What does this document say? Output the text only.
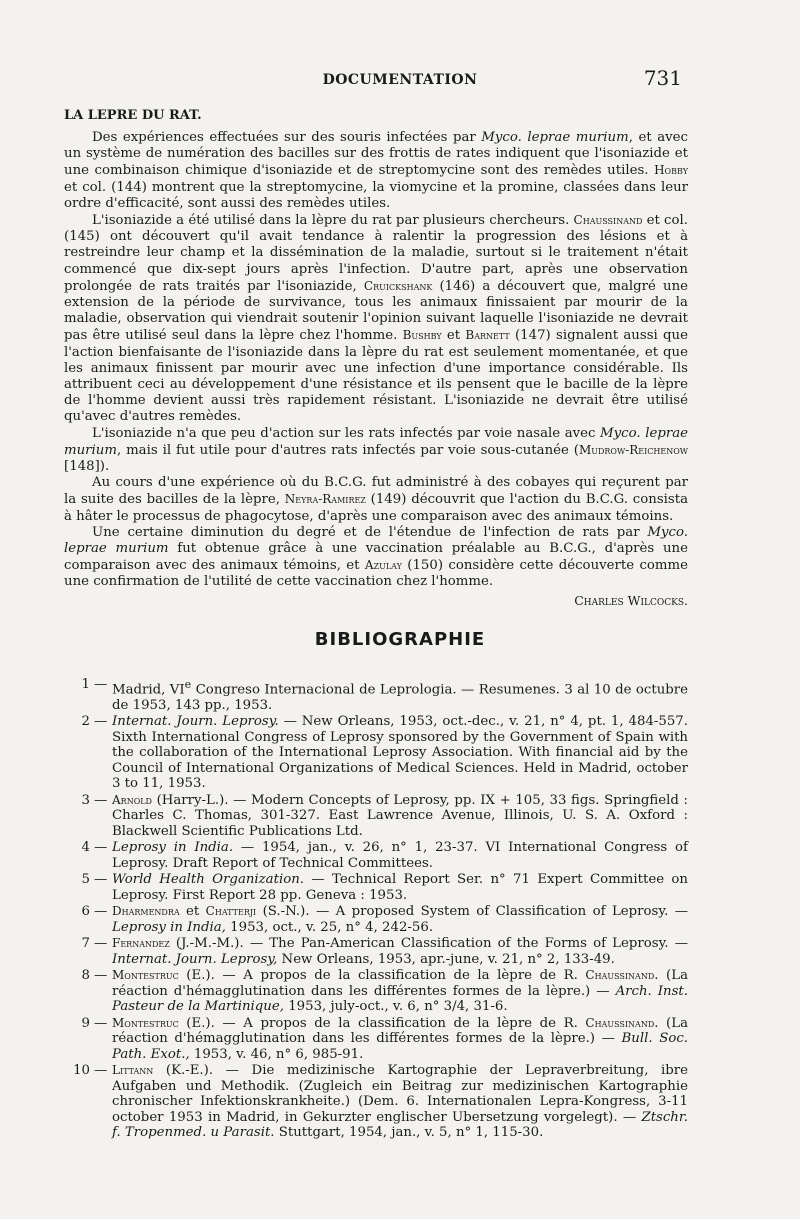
DOCUMENTATION	731
LA LEPRE DU RAT.

Des expériences effectuées sur des souris infectées par Myco. leprae murium, et avec un système de numération des bacilles sur des frottis de rates indiquent que l'isoniazide et une combinaison chimique d'isoniazide et de streptomycine sont des remèdes utiles. Hobby et col. (144) montrent que la streptomycine, la viomycine et la promine, classées dans leur ordre d'efficacité, sont aussi des remèdes utiles.

L'isoniazide a été utilisé dans la lèpre du rat par plusieurs chercheurs. Chaussinand et col. (145) ont découvert qu'il avait tendance à ralentir la progression des lésions et à restreindre leur champ et la dissémination de la maladie, surtout si le traitement n'était commencé que dix-sept jours après l'infection. D'autre part, après une observation prolongée de rats traités par l'isoniazide, Cruickshank (146) a découvert que, malgré une extension de la période de survivance, tous les animaux finissaient par mourir de la maladie, observation qui viendrait soutenir l'opinion suivant laquelle l'isoniazide ne devrait pas être utilisé seul dans la lèpre chez l'homme. Bushby et Barnett (147) signalent aussi que l'action bienfaisante de l'isoniazide dans la lèpre du rat est seulement momentanée, et que les animaux finissent par mourir avec une infection d'une importance considérable. Ils attribuent ceci au développement d'une résistance et ils pensent que le bacille de la lèpre de l'homme devient aussi très rapidement résistant. L'isoniazide ne devrait être utilisé qu'avec d'autres remèdes.

L'isoniazide n'a que peu d'action sur les rats infectés par voie nasale avec Myco. leprae murium, mais il fut utile pour d'autres rats infectés par voie sous-cutanée (Mudrow-Reichenow [148]).

Au cours d'une expérience où du B.C.G. fut administré à des cobayes qui reçurent par la suite des bacilles de la lèpre, Neyra-Ramirez (149) découvrit que l'action du B.C.G. consista à hâter le processus de phagocytose, d'après une comparaison avec des animaux témoins.

Une certaine diminution du degré et de l'étendue de l'infection de rats par Myco. leprae murium fut obtenue grâce à une vaccination préalable au B.C.G., d'après une comparaison avec des animaux témoins, et Azulay (150) considère cette découverte comme une confirmation de l'utilité de cette vaccination chez l'homme.

Charles Wilcocks.
BIBLIOGRAPHIE
1 — Madrid, VIe Congreso Internacional de Leprologia. — Resumenes. 3 al 10 de octubre de 1953, 143 pp., 1953.
2 — Internat. Journ. Leprosy. — New Orleans, 1953, oct.-dec., v. 21, n° 4, pt. 1, 484-557. Sixth International Congress of Leprosy sponsored by the Government of Spain with the collaboration of the International Leprosy Association. With financial aid by the Council of International Organizations of Medical Sciences. Held in Madrid, october 3 to 11, 1953.
3 — Arnold (Harry-L.). — Modern Concepts of Leprosy, pp. IX + 105, 33 figs. Springfield : Charles C. Thomas, 301-327. East Lawrence Avenue, Illinois, U. S. A. Oxford : Blackwell Scientific Publications Ltd.
4 — Leprosy in India. — 1954, jan., v. 26, n° 1, 23-37. VI International Congress of Leprosy. Draft Report of Technical Committees.
5 — World Health Organization. — Technical Report Ser. n° 71 Expert Committee on Leprosy. First Report 28 pp. Geneva : 1953.
6 — Dharmendra et Chatterji (S.-N.). — A proposed System of Classification of Leprosy. — Leprosy in India, 1953, oct., v. 25, n° 4, 242-56.
7 — Fernandez (J.-M.-M.). — The Pan-American Classification of the Forms of Leprosy. — Internat. Journ. Leprosy, New Orleans, 1953, apr.-june, v. 21, n° 2, 133-49.
8 — Montestruc (E.). — A propos de la classification de la lèpre de R. Chaussinand. (La réaction d'hémagglutination dans les différentes formes de la lèpre.) — Arch. Inst. Pasteur de la Martinique, 1953, july-oct., v. 6, n° 3/4, 31-6.
9 — Montestruc (E.). — A propos de la classification de la lèpre de R. Chaussinand. (La réaction d'hémagglutination dans les différentes formes de la lèpre.) — Bull. Soc. Path. Exot., 1953, v. 46, n° 6, 985-91.
10 — Littann (K.-E.). — Die medizinische Kartographie der Lepraverbreitung, ibre Aufgaben und Methodik. (Zugleich ein Beitrag zur medizinischen Kartographie chronischer Infektionskrankheite.) (Dem. 6. Internationalen Lepra-Kongress, 3-11 october 1953 in Madrid, in Gekurzter englischer Ubersetzung vorgelegt). — Ztschr. f. Tropenmed. u Parasit. Stuttgart, 1954, jan., v. 5, n° 1, 115-30.
